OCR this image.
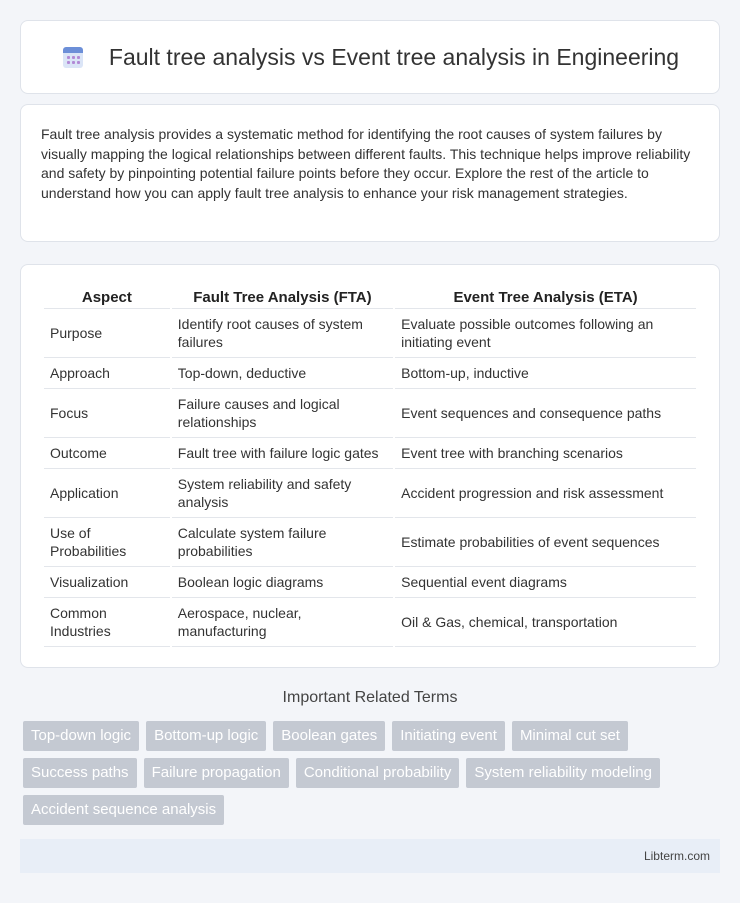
Fault tree analysis vs Event tree analysis in Engineering

Fault tree analysis provides a systematic method for identifying the root causes of system failures by visually mapping the logical relationships between different faults. This technique helps improve reliability and safety by pinpointing potential failure points before they occur. Explore the rest of the article to understand how you can apply fault tree analysis to enhance your risk management strategies.

Aspect	Fault Tree Analysis (FTA)	Event Tree Analysis (ETA)
Purpose	Identify root causes of system failures	Evaluate possible outcomes following an initiating event
Approach	Top-down, deductive	Bottom-up, inductive
Focus	Failure causes and logical relationships	Event sequences and consequence paths
Outcome	Fault tree with failure logic gates	Event tree with branching scenarios
Application	System reliability and safety analysis	Accident progression and risk assessment
Use of Probabilities	Calculate system failure probabilities	Estimate probabilities of event sequences
Visualization	Boolean logic diagrams	Sequential event diagrams
Common Industries	Aerospace, nuclear, manufacturing	Oil & Gas, chemical, transportation
Important Related Terms
Top-down logic	Bottom-up logic	Boolean gates	Initiating event	Minimal cut set
Success paths	Failure propagation	Conditional probability	System reliability modeling
Accident sequence analysis
Libterm.com
